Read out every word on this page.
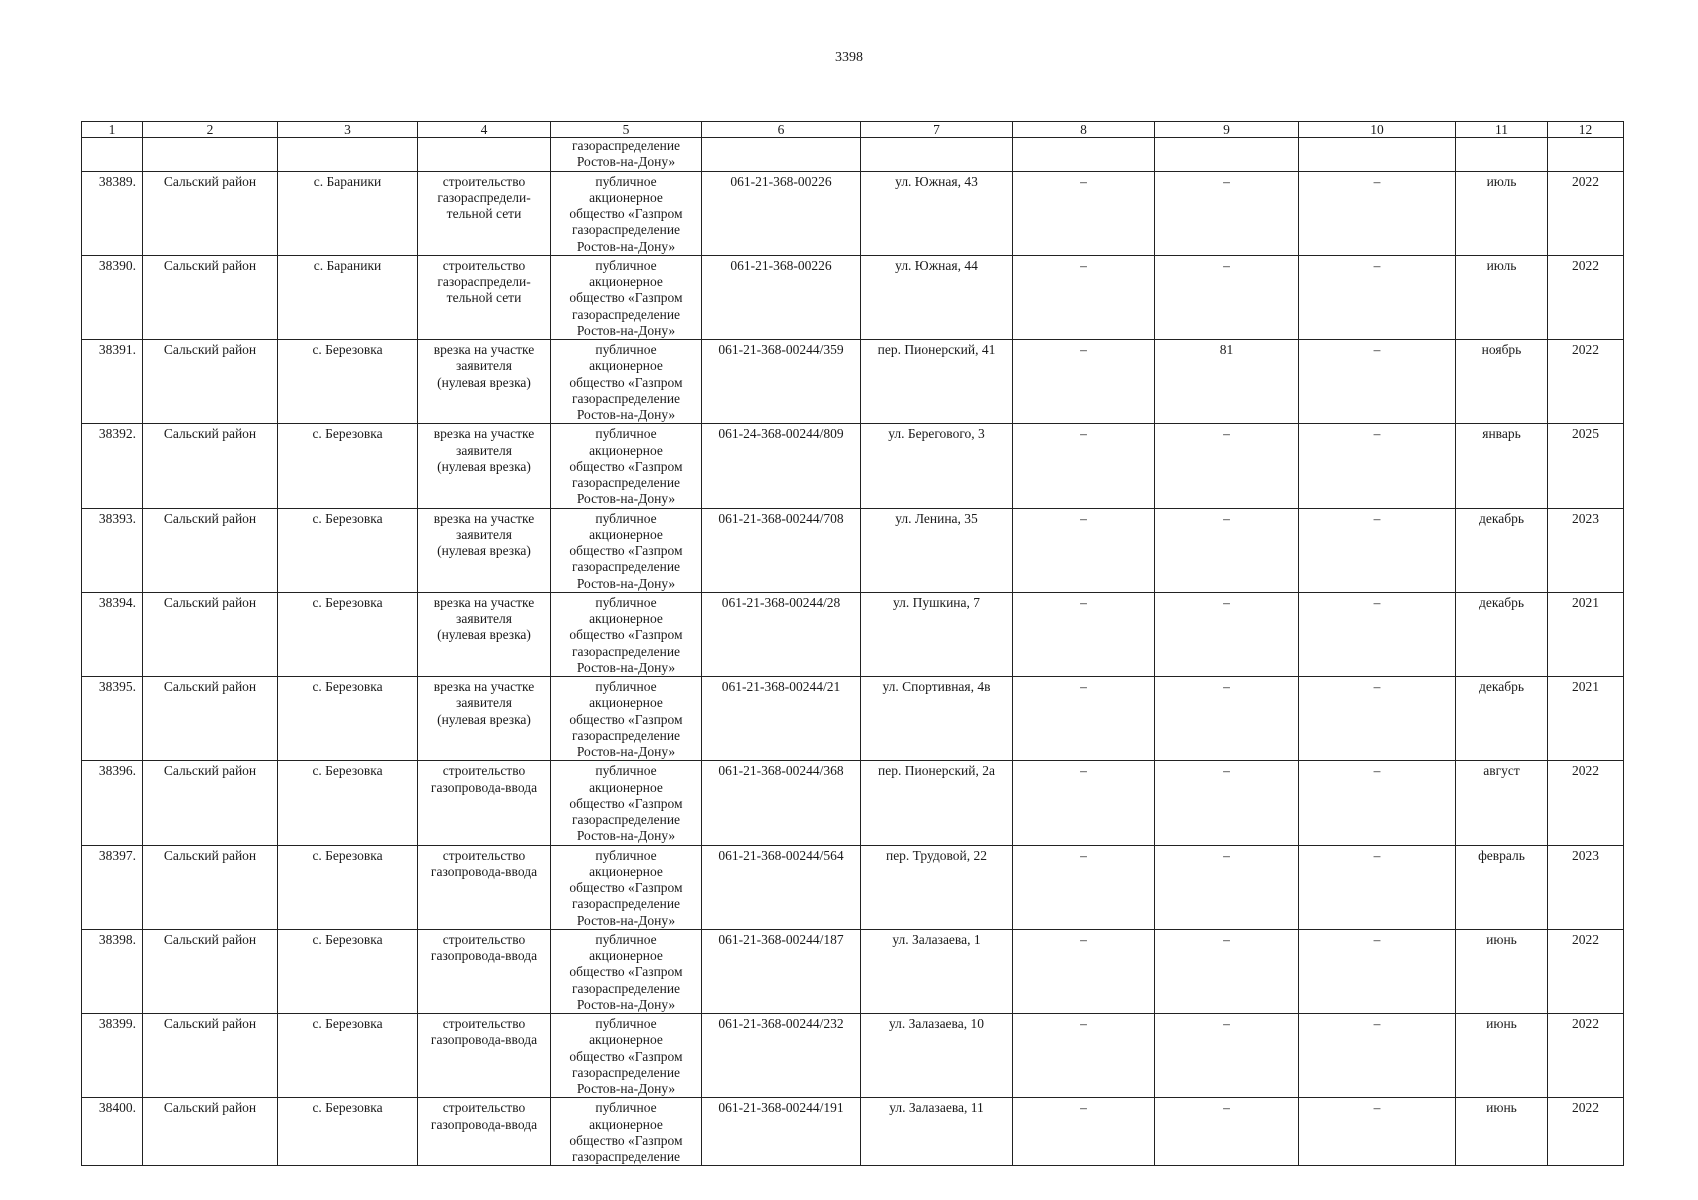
3398
1	2	3	4	5	6	7	8	9	10	11	12
				газораспределение
Ростов-на-Дону»							
38389.	Сальский район	с. Бараники	строительство
газораспредели-
тельной сети	публичное
акционерное
общество «Газпром
газораспределение
Ростов-на-Дону»	061-21-368-00226	ул. Южная, 43	–	–	–	июль	2022
38390.	Сальский район	с. Бараники	строительство
газораспредели-
тельной сети	публичное
акционерное
общество «Газпром
газораспределение
Ростов-на-Дону»	061-21-368-00226	ул. Южная, 44	–	–	–	июль	2022
38391.	Сальский район	с. Березовка	врезка на участке
заявителя
(нулевая врезка)	публичное
акционерное
общество «Газпром
газораспределение
Ростов-на-Дону»	061-21-368-00244/359	пер. Пионерский, 41	–	81	–	ноябрь	2022
38392.	Сальский район	с. Березовка	врезка на участке
заявителя
(нулевая врезка)	публичное
акционерное
общество «Газпром
газораспределение
Ростов-на-Дону»	061-24-368-00244/809	ул. Берегового, 3	–	–	–	январь	2025
38393.	Сальский район	с. Березовка	врезка на участке
заявителя
(нулевая врезка)	публичное
акционерное
общество «Газпром
газораспределение
Ростов-на-Дону»	061-21-368-00244/708	ул. Ленина, 35	–	–	–	декабрь	2023
38394.	Сальский район	с. Березовка	врезка на участке
заявителя
(нулевая врезка)	публичное
акционерное
общество «Газпром
газораспределение
Ростов-на-Дону»	061-21-368-00244/28	ул. Пушкина, 7	–	–	–	декабрь	2021
38395.	Сальский район	с. Березовка	врезка на участке
заявителя
(нулевая врезка)	публичное
акционерное
общество «Газпром
газораспределение
Ростов-на-Дону»	061-21-368-00244/21	ул. Спортивная, 4в	–	–	–	декабрь	2021
38396.	Сальский район	с. Березовка	строительство
газопровода-ввода	публичное
акционерное
общество «Газпром
газораспределение
Ростов-на-Дону»	061-21-368-00244/368	пер. Пионерский, 2а	–	–	–	август	2022
38397.	Сальский район	с. Березовка	строительство
газопровода-ввода	публичное
акционерное
общество «Газпром
газораспределение
Ростов-на-Дону»	061-21-368-00244/564	пер. Трудовой, 22	–	–	–	февраль	2023
38398.	Сальский район	с. Березовка	строительство
газопровода-ввода	публичное
акционерное
общество «Газпром
газораспределение
Ростов-на-Дону»	061-21-368-00244/187	ул. Залазаева, 1	–	–	–	июнь	2022
38399.	Сальский район	с. Березовка	строительство
газопровода-ввода	публичное
акционерное
общество «Газпром
газораспределение
Ростов-на-Дону»	061-21-368-00244/232	ул. Залазаева, 10	–	–	–	июнь	2022
38400.	Сальский район	с. Березовка	строительство
газопровода-ввода	публичное
акционерное
общество «Газпром
газораспределение	061-21-368-00244/191	ул. Залазаева, 11	–	–	–	июнь	2022
